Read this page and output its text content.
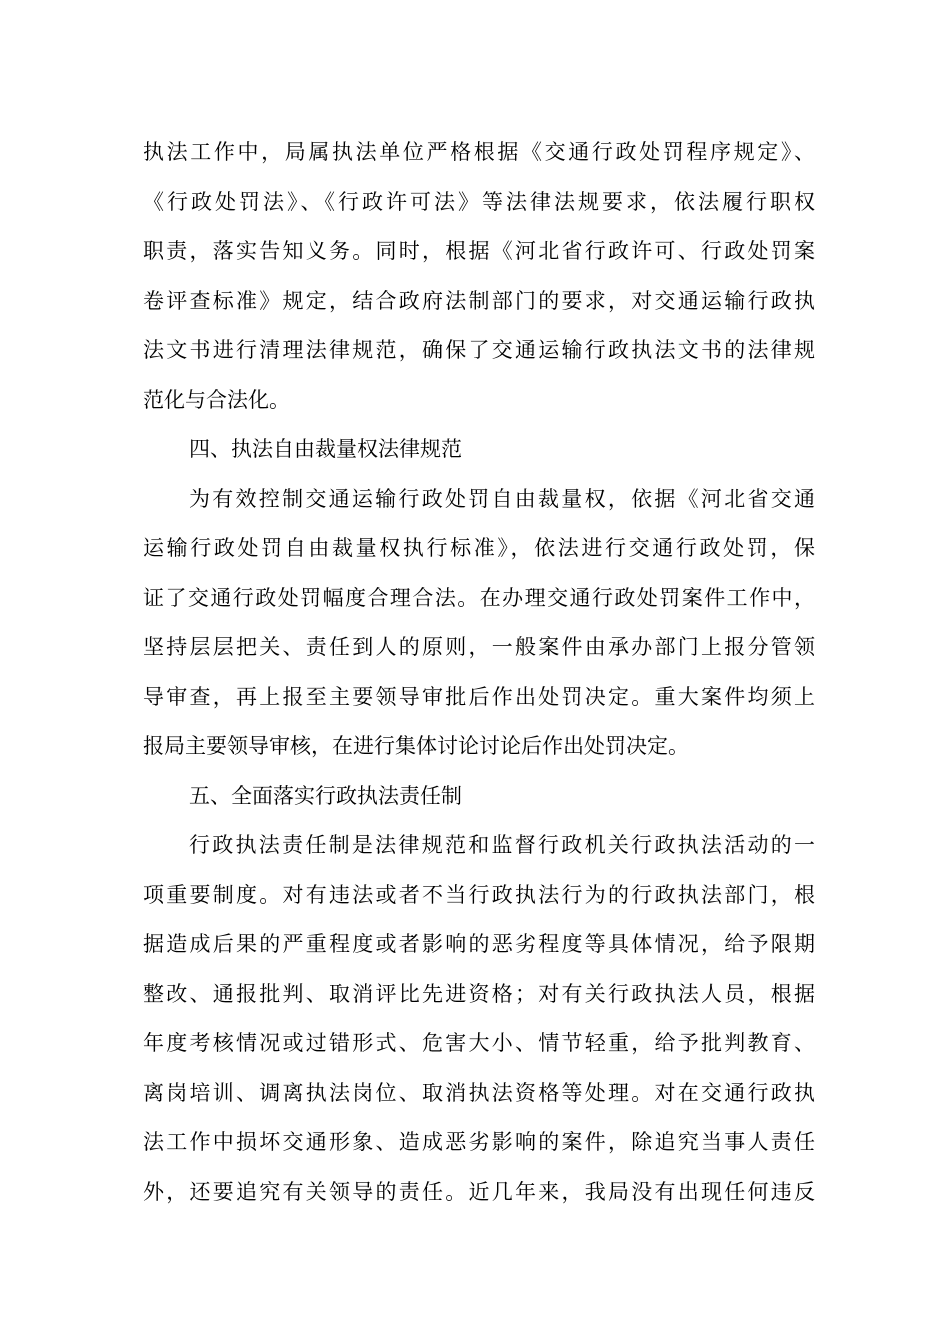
执法工作中，局属执法单位严格根据《交通行政处罚程序规定》、
《行政处罚法》、《行政许可法》等法律法规要求，依法履行职权
职责，落实告知义务。同时，根据《河北省行政许可、行政处罚案
卷评查标准》规定，结合政府法制部门的要求，对交通运输行政执
法文书进行清理法律规范，确保了交通运输行政执法文书的法律规
范化与合法化。
四、执法自由裁量权法律规范
为有效控制交通运输行政处罚自由裁量权，依据《河北省交通
运输行政处罚自由裁量权执行标准》，依法进行交通行政处罚，保
证了交通行政处罚幅度合理合法。在办理交通行政处罚案件工作中，
坚持层层把关、责任到人的原则，一般案件由承办部门上报分管领
导审查，再上报至主要领导审批后作出处罚决定。重大案件均须上
报局主要领导审核，在进行集体讨论讨论后作出处罚决定。
五、全面落实行政执法责任制
行政执法责任制是法律规范和监督行政机关行政执法活动的一
项重要制度。对有违法或者不当行政执法行为的行政执法部门，根
据造成后果的严重程度或者影响的恶劣程度等具体情况，给予限期
整改、通报批判、取消评比先进资格；对有关行政执法人员，根据
年度考核情况或过错形式、危害大小、情节轻重，给予批判教育、
离岗培训、调离执法岗位、取消执法资格等处理。对在交通行政执
法工作中损坏交通形象、造成恶劣影响的案件，除追究当事人责任
外，还要追究有关领导的责任。近几年来，我局没有出现任何违反
